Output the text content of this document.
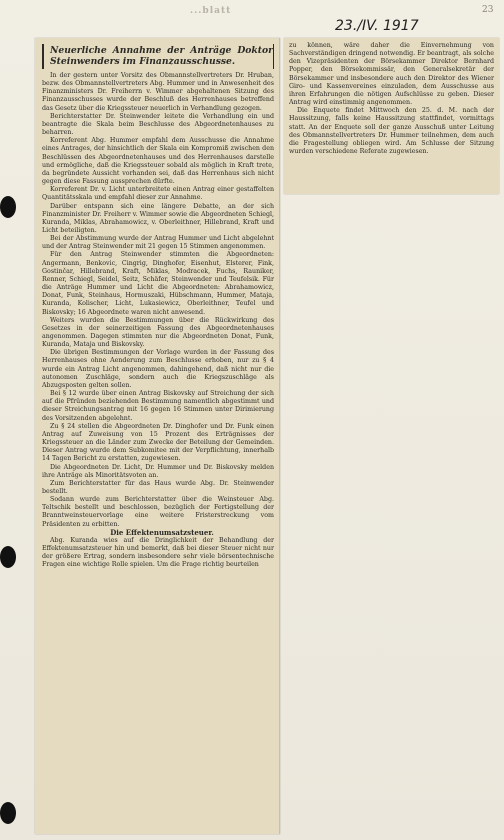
...blatt
23./IV. 1917
23
Neuerliche Annahme der Anträge Doktor Steinwenders im Finanzausschusse.

In der gestern unter Vorsitz des Obmannstellvertreters Dr. Hruban, bezw. des Obmannstellvertreters Abg. Hummer und in Anwesenheit des Finanzministers Dr. Freiherrn v. Wimmer abgehaltenen Sitzung des Finanzausschusses wurde der Beschluß des Herrenhauses betreffend das Gesetz über die Kriegssteuer neuerlich in Verhandlung gezogen.

Berichterstatter Dr. Steinwender leitete die Verhandlung ein und beantragte die Skala beim Beschlusse des Abgeordnetenhauses zu beharren.

Korreferent Abg. Hummer empfahl dem Ausschusse die Annahme eines Antrages, der hinsichtlich der Skala ein Kompromiß zwischen den Beschlüssen des Abgeordnetenhauses und des Herrenhauses darstelle und ermögliche, daß die Kriegssteuer sobald als möglich in Kraft trete, da begründete Aussicht vorhanden sei, daß das Herrenhaus sich nicht gegen diese Fassung aussprechen dürfte.

Korreferent Dr. v. Licht unterbreitete einen Antrag einer gestaffelten Quantitätsskala und empfahl dieser zur Annahme.

Darüber entspann sich eine längere Debatte, an der sich Finanzminister Dr. Freiherr v. Wimmer sowie die Abgeordneten Schiegl, Kuranda, Miklas, Abrahamowicz, v. Oberleithner, Hillebrand, Kraft und Licht beteiligten.

Bei der Abstimmung wurde der Antrag Hummer und Licht abgelehnt und der Antrag Steinwender mit 21 gegen 15 Stimmen angenommen.

Für den Antrag Steinwender stimmten die Abgeordneten: Angermann, Benkovic, Cingrig, Dinghofer, Eisenhut, Elsterer, Fink, Gostinčar, Hillebrand, Kraft, Miklas, Modracek, Fuchs, Rauniker, Renner, Schiegl, Seidel, Seitz, Schäfer, Steinwender und Teufelsik. Für die Anträge Hummer und Licht die Abgeordneten: Abrahamowicz, Donat, Funk, Steinhaus, Hormuszaki, Hübschmann, Hummer, Mataja, Kuranda, Kolischer, Licht, Lukasiewicz, Oberleithner, Teufel und Biskovsky; 16 Abgeordnete waren nicht anwesend.

Weiters wurden die Bestimmungen über die Rückwirkung des Gesetzes in der seinerzeitigen Fassung des Abgeordnetenhauses angenommen. Dagegen stimmten nur die Abgeordneten Donat, Funk, Kuranda, Mataja und Biskovsky.

Die übrigen Bestimmungen der Vorlage wurden in der Fassung des Herrenhauses ohne Aenderung zum Beschlusse erhoben, nur zu § 4 wurde ein Antrag Licht angenommen, dahingehend, daß nicht nur die autonomen Zuschläge, sondern auch die Kriegszuschläge als Abzugsposten gelten sollen.

Bei § 12 wurde über einen Antrag Biskovsky auf Streichung der sich auf die Pfründen beziehenden Bestimmung namentlich abgestimmt und dieser Streichungsantrag mit 16 gegen 16 Stimmen unter Dirimierung des Vorsitzenden abgelehnt.

Zu § 24 stellen die Abgeordneten Dr. Dinghofer und Dr. Funk einen Antrag auf Zuweisung von 15 Prozent des Erträgnisses der Kriegssteuer an die Länder zum Zwecke der Beteilung der Gemeinden. Dieser Antrag wurde dem Subkomitee mit der Verpflichtung, innerhalb 14 Tagen Bericht zu erstatten, zugewiesen.

Die Abgeordneten Dr. Licht, Dr. Hummer und Dr. Biskovsky melden ihre Anträge als Minoritätsvoten an.

Zum Berichterstatter für das Haus wurde Abg. Dr. Steinwender bestellt.

Sodann wurde zum Berichterstatter über die Weinsteuer Abg. Teltschik bestellt und beschlossen, bezüglich der Fertigstellung der Branntweinsteuervorlage eine weitere Fristerstreckung vom Präsidenten zu erbitten.

Die Effektenumsatzsteuer.

Abg. Kuranda wies auf die Dringlichkeit der Behandlung der Effektenumsatzsteuer hin und bemerkt, daß bei dieser Steuer nicht nur der größere Ertrag, sondern insbesondere sehr viele börsentechnische Fragen eine wichtige Rolle spielen. Um die Frage richtig beurteilen

zu können, wäre daher die Einvernehmung von Sachverständigen dringend notwendig. Er beantragt, als solche den Vizepräsidenten der Börsekammer Direktor Bernhard Popper, den Börsekommissär, den Generalsekretär der Börsekammer und insbesondere auch den Direktor des Wiener Giro- und Kassenvereines einzuladen, dem Ausschusse aus ihren Erfahrungen die nötigen Aufschlüsse zu geben. Dieser Antrag wird einstimmig angenommen.

Die Enquete findet Mittwoch den 25. d. M. nach der Haussitzung, falls keine Haussitzung stattfindet, vormittags statt. An der Enquete soll der ganze Ausschuß unter Leitung des Obmannstellvertreters Dr. Hummer teilnehmen, dem auch die Fragestellung obliegen wird. Am Schlusse der Sitzung wurden verschiedene Referate zugewiesen.
